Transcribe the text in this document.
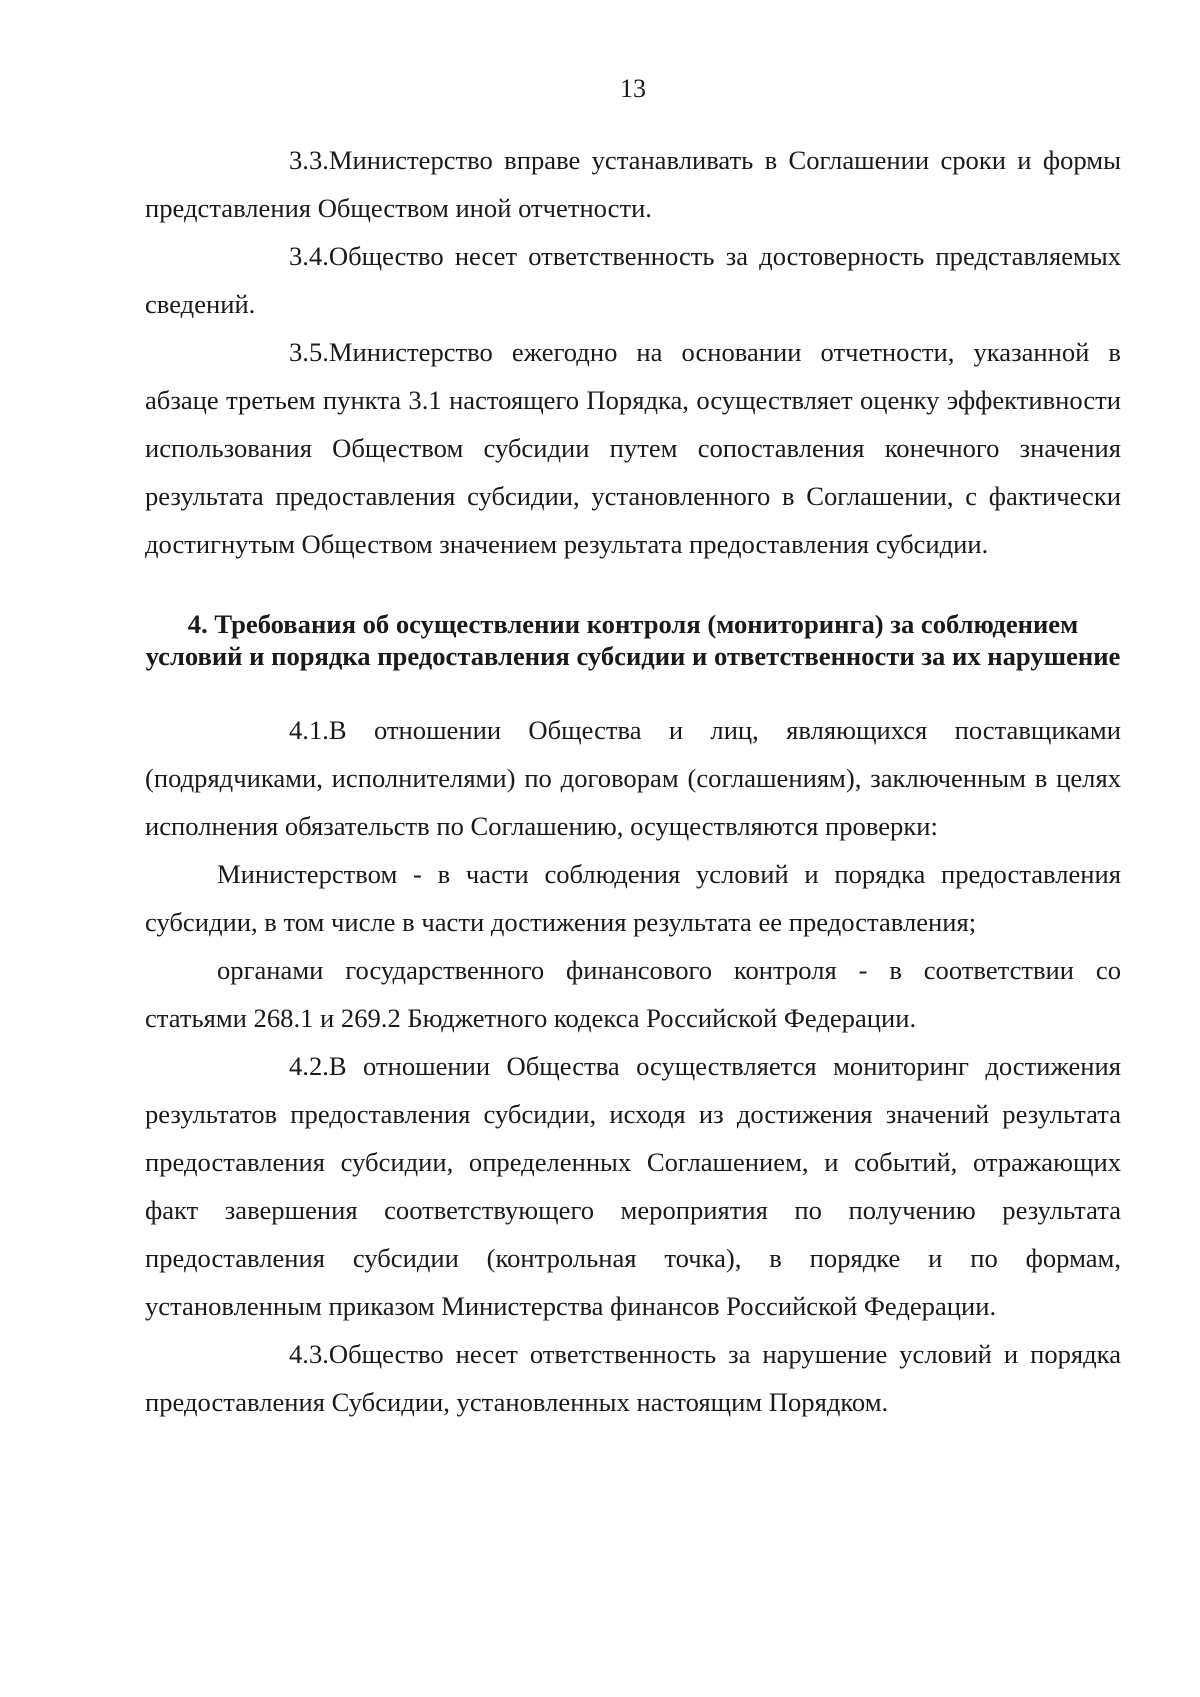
13

3.3.Министерство вправе устанавливать в Соглашении сроки и формы представления Обществом иной отчетности.

3.4.Общество несет ответственность за достоверность представляемых сведений.

3.5.Министерство ежегодно на основании отчетности, указанной в абзаце третьем пункта 3.1 настоящего Порядка, осуществляет оценку эффективности использования Обществом субсидии путем сопоставления конечного значения результата предоставления субсидии, установленного в Соглашении, с фактически достигнутым Обществом значением результата предоставления субсидии.

4. Требования об осуществлении контроля (мониторинга) за соблюдением условий и порядка предоставления субсидии и ответственности за их нарушение

4.1.В отношении Общества и лиц, являющихся поставщиками (подрядчиками, исполнителями) по договорам (соглашениям), заключенным в целях исполнения обязательств по Соглашению, осуществляются проверки:

Министерством - в части соблюдения условий и порядка предоставления субсидии, в том числе в части достижения результата ее предоставления;

органами государственного финансового контроля - в соответствии со статьями 268.1 и 269.2 Бюджетного кодекса Российской Федерации.

4.2.В отношении Общества осуществляется мониторинг достижения результатов предоставления субсидии, исходя из достижения значений результата предоставления субсидии, определенных Соглашением, и событий, отражающих факт завершения соответствующего мероприятия по получению результата предоставления субсидии (контрольная точка), в порядке и по формам, установленным приказом Министерства финансов Российской Федерации.

4.3.Общество несет ответственность за нарушение условий и порядка предоставления Субсидии, установленных настоящим Порядком.
